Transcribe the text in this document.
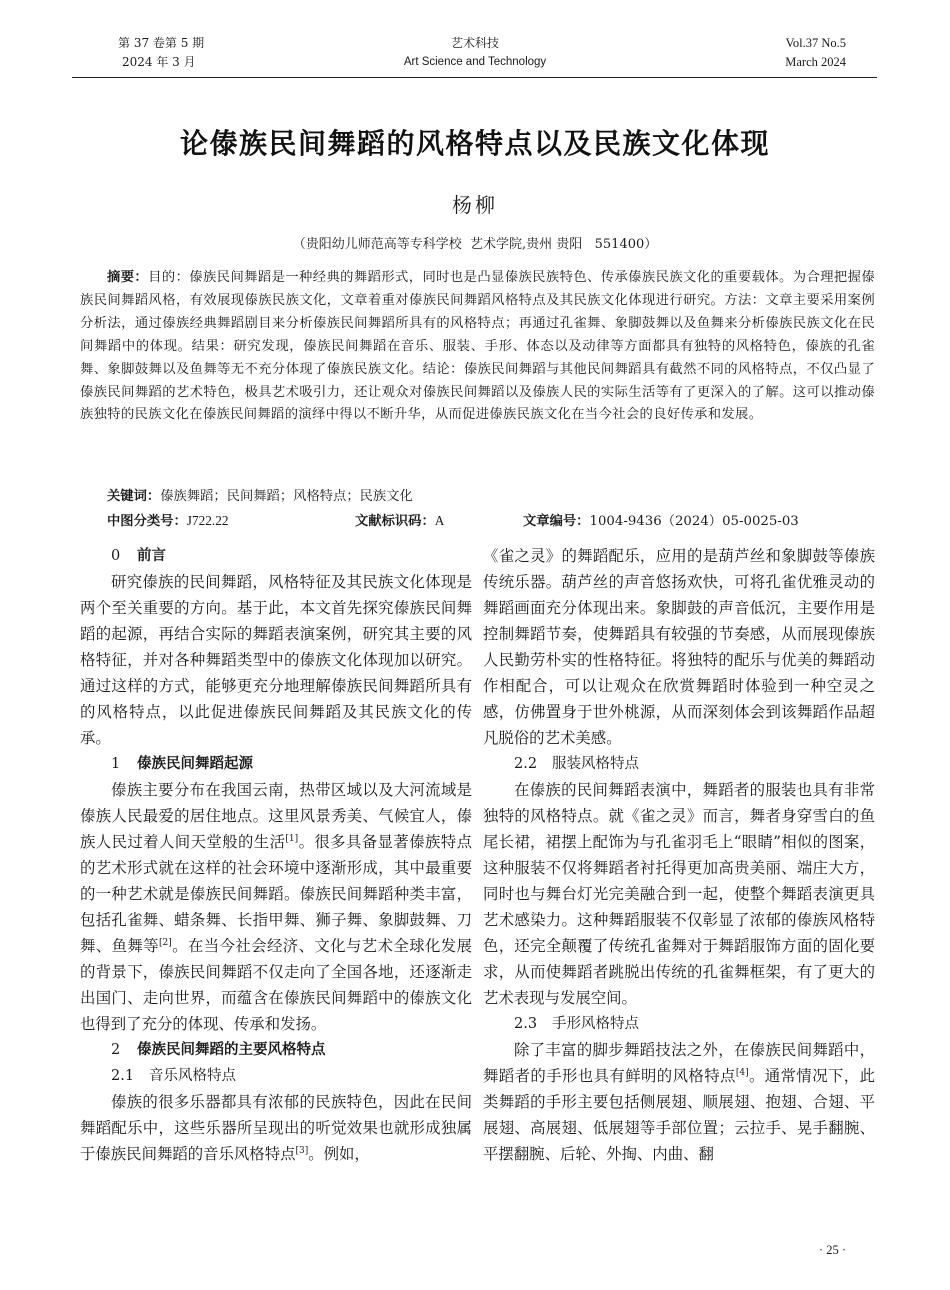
第 37 卷第 5 期
2024 年 3 月
艺术科技
Art Science and Technology
Vol.37 No.5
March 2024
论傣族民间舞蹈的风格特点以及民族文化体现
杨柳
（贵阳幼儿师范高等专科学校  艺术学院,贵州 贵阳   551400）
摘要：目的：傣族民间舞蹈是一种经典的舞蹈形式，同时也是凸显傣族民族特色、传承傣族民族文化的重要载体。为合理把握傣族民间舞蹈风格，有效展现傣族民族文化，文章着重对傣族民间舞蹈风格特点及其民族文化体现进行研究。方法：文章主要采用案例分析法，通过傣族经典舞蹈剧目来分析傣族民间舞蹈所具有的风格特点；再通过孔雀舞、象脚鼓舞以及鱼舞来分析傣族民族文化在民间舞蹈中的体现。结果：研究发现，傣族民间舞蹈在音乐、服装、手形、体态以及动律等方面都具有独特的风格特色，傣族的孔雀舞、象脚鼓舞以及鱼舞等无不充分体现了傣族民族文化。结论：傣族民间舞蹈与其他民间舞蹈具有截然不同的风格特点，不仅凸显了傣族民间舞蹈的艺术特色，极具艺术吸引力，还让观众对傣族民间舞蹈以及傣族人民的实际生活等有了更深入的了解。这可以推动傣族独特的民族文化在傣族民间舞蹈的演绎中得以不断升华，从而促进傣族民族文化在当今社会的良好传承和发展。
关键词：傣族舞蹈；民间舞蹈；风格特点；民族文化
中图分类号：J722.22	文献标识码：A	文章编号：1004-9436（2024）05-0025-03
0 前言

研究傣族的民间舞蹈，风格特征及其民族文化体现是两个至关重要的方向。基于此，本文首先探究傣族民间舞蹈的起源，再结合实际的舞蹈表演案例，研究其主要的风格特征，并对各种舞蹈类型中的傣族文化体现加以研究。通过这样的方式，能够更充分地理解傣族民间舞蹈所具有的风格特点，以此促进傣族民间舞蹈及其民族文化的传承。

1 傣族民间舞蹈起源

傣族主要分布在我国云南，热带区域以及大河流域是傣族人民最爱的居住地点。这里风景秀美、气候宜人，傣族人民过着人间天堂般的生活[1]。很多具备显著傣族特点的艺术形式就在这样的社会环境中逐渐形成，其中最重要的一种艺术就是傣族民间舞蹈。傣族民间舞蹈种类丰富，包括孔雀舞、蜡条舞、长指甲舞、狮子舞、象脚鼓舞、刀舞、鱼舞等[2]。在当今社会经济、文化与艺术全球化发展的背景下，傣族民间舞蹈不仅走向了全国各地，还逐渐走出国门、走向世界，而蕴含在傣族民间舞蹈中的傣族文化也得到了充分的体现、传承和发扬。

2 傣族民间舞蹈的主要风格特点
2.1 音乐风格特点

傣族的很多乐器都具有浓郁的民族特色，因此在民间舞蹈配乐中，这些乐器所呈现出的听觉效果也就形成独属于傣族民间舞蹈的音乐风格特点[3]。例如，

《雀之灵》的舞蹈配乐，应用的是葫芦丝和象脚鼓等傣族传统乐器。葫芦丝的声音悠扬欢快，可将孔雀优雅灵动的舞蹈画面充分体现出来。象脚鼓的声音低沉，主要作用是控制舞蹈节奏，使舞蹈具有较强的节奏感，从而展现傣族人民勤劳朴实的性格特征。将独特的配乐与优美的舞蹈动作相配合，可以让观众在欣赏舞蹈时体验到一种空灵之感，仿佛置身于世外桃源，从而深刻体会到该舞蹈作品超凡脱俗的艺术美感。

2.2 服装风格特点

在傣族的民间舞蹈表演中，舞蹈者的服装也具有非常独特的风格特点。就《雀之灵》而言，舞者身穿雪白的鱼尾长裙，裙摆上配饰为与孔雀羽毛上“眼睛”相似的图案，这种服装不仅将舞蹈者衬托得更加高贵美丽、端庄大方，同时也与舞台灯光完美融合到一起，使整个舞蹈表演更具艺术感染力。这种舞蹈服装不仅彰显了浓郁的傣族风格特色，还完全颠覆了传统孔雀舞对于舞蹈服饰方面的固化要求，从而使舞蹈者跳脱出传统的孔雀舞框架，有了更大的艺术表现与发展空间。

2.3 手形风格特点

除了丰富的脚步舞蹈技法之外，在傣族民间舞蹈中，舞蹈者的手形也具有鲜明的风格特点[4]。通常情况下，此类舞蹈的手形主要包括侧展翅、顺展翅、抱翅、合翅、平展翅、高展翅、低展翅等手部位置；云拉手、晃手翻腕、平摆翻腕、后轮、外掏、内曲、翻

· 25 ·
